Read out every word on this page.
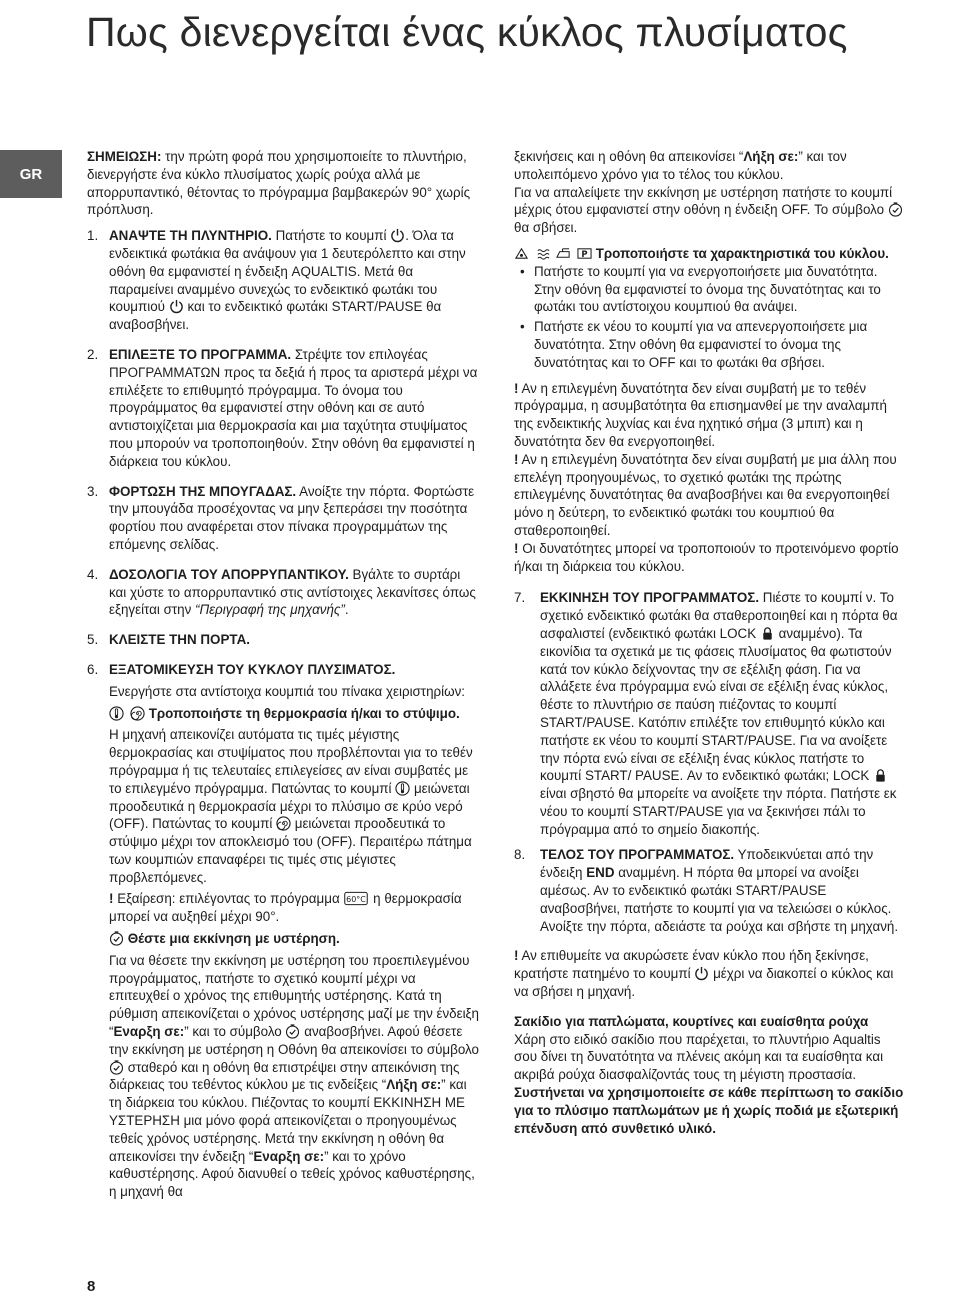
Πως διενεργείται ένας κύκλος πλυσίματος
GR

ΣΗΜΕΙΩΣΗ: την πρώτη φορά που χρησιμοποιείτε το πλυντήριο, διενεργήστε ένα κύκλο πλυσίματος χωρίς ρούχα αλλά με απορρυπαντικό, θέτοντας το πρόγραμμα βαμβακερών 90° χωρίς πρόπλυση.

1. ΑΝΑΨΤΕ ΤΗ ΠΛΥΝΤΗΡΙΟ. Πατήστε το κουμπί
. Όλα τα ενδεικτικά φωτάκια θα ανάψουν για 1 δευτερόλεπτο και στην οθόνη θα εμφανιστεί η ένδειξη AQUALTIS. Μετά θα παραμείνει αναμμένο συνεχώς το ενδεικτικό φωτάκι του κουμπιού
και το ενδεικτικό φωτάκι START/PAUSE θα αναβοσβήνει.

2. ΕΠΙΛΕΞΤΕ ΤΟ ΠΡΟΓΡΑΜΜΑ. Στρέψτε τον επιλογέας ΠΡΟΓΡΑΜΜΑΤΩΝ προς τα δεξιά ή προς τα αριστερά μέχρι να επιλέξετε το επιθυμητό πρόγραμμα. Το όνομα του προγράμματος θα εμφανιστεί στην οθόνη και σε αυτό αντιστοιχίζεται μια θερμοκρασία και μια ταχύτητα στυψίματος που μπορούν να τροποποιηθούν. Στην οθόνη θα εμφανιστεί η διάρκεια του κύκλου.

3. ΦΟΡΤΩΣΗ ΤΗΣ ΜΠΟΥΓΑΔΑΣ. Ανοίξτε την πόρτα. Φορτώστε την μπουγάδα προσέχοντας να μην ξεπεράσει την ποσότητα φορτίου που αναφέρεται στον πίνακα προγραμμάτων της επόμενης σελίδας.

4. ΔΟΣΟΛΟΓΙΑ ΤΟΥ ΑΠΟΡΡΥΠΑΝΤΙΚΟΥ. Βγάλτε το συρτάρι και χύστε το απορρυπαντικό στις αντίστοιχες λεκανίτσες όπως εξηγείται στην “Περιγραφή της μηχανής”.

5. ΚΛΕΙΣΤΕ ΤΗΝ ΠΟΡΤΑ.

6. ΕΞΑΤΟΜΙΚΕΥΣΗ ΤΟΥ ΚΥΚΛΟΥ ΠΛΥΣΙΜΑΤΟΣ.

Ενεργήστε στα αντίστοιχα κουμπιά του πίνακα χειριστηρίων:

Τροποποιήστε τη θερμοκρασία ή/και το στύψιμο.

Η μηχανή απεικονίζει αυτόματα τις τιμές μέγιστης θερμοκρασίας και στυψίματος που προβλέπονται για το τεθέν πρόγραμμα ή τις τελευταίες επιλεγείσες αν είναι συμβατές με το επιλεγμένο πρόγραμμα. Πατώντας το κουμπί
μειώνεται προοδευτικά η θερμοκρασία μέχρι το πλύσιμο σε κρύο νερό (OFF). Πατώντας το κουμπί
μειώνεται προοδευτικά το στύψιμο μέχρι τον αποκλεισμό του (OFF). Περαιτέρω πάτημα των κουμπιών επαναφέρει τις τιμές στις μέγιστες προβλεπόμενες.

! Εξαίρεση: επιλέγοντας το πρόγραμμα 60°C η θερμοκρασία μπορεί να αυξηθεί μέχρι 90°.

Θέστε μια εκκίνηση με υστέρηση.

Για να θέσετε την εκκίνηση με υστέρηση του προεπιλεγμένου προγράμματος, πατήστε το σχετικό κουμπί μέχρι να επιτευχθεί ο χρόνος της επιθυμητής υστέρησης. Κατά τη ρύθμιση απεικονίζεται ο χρόνος υστέρησης μαζί με την ένδειξη “Εναρξη σε:” και το σύμβολο
αναβοσβήνει. Αφού θέσετε την εκκίνηση με υστέρηση η Οθόνη θα απεικονίσει το σύμβολο
σταθερό και η οθόνη θα επιστρέψει στην απεικόνιση της διάρκειας του τεθέντος κύκλου με τις ενδείξεις “Λήξη σε:” και τη διάρκεια του κύκλου. Πιέζοντας το κουμπί ΕΚΚΙΝΗΣΗ ΜΕ ΥΣΤΕΡΗΣΗ μια μόνο φορά απεικονίζεται ο προηγουμένως τεθείς χρόνος υστέρησης. Μετά την εκκίνηση η οθόνη θα απεικονίσει την ένδειξη “Εναρξη σε:” και το χρόνο καθυστέρησης. Αφού διανυθεί ο τεθείς χρόνος καθυστέρησης, η μηχανή θα

ξεκινήσεις και η οθόνη θα απεικονίσει “Λήξη σε:” και τον υπολειπόμενο χρόνο για το τέλος του κύκλου.

Για να απαλείψετε την εκκίνηση με υστέρηση πατήστε το κουμπί μέχρις ότου εμφανιστεί στην οθόνη η ένδειξη OFF. Το σύμβολο
θα σβήσει.

P Τροποποιήστε τα χαρακτηριστικά του κύκλου.

• Πατήστε το κουμπί για να ενεργοποιήσετε μια δυνατότητα. Στην οθόνη θα εμφανιστεί το όνομα της δυνατότητας και το φωτάκι του αντίστοιχου κουμπιού θα ανάψει.
• Πατήστε εκ νέου το κουμπί για να απενεργοποιήσετε μια δυνατότητα. Στην οθόνη θα εμφανιστεί το όνομα της δυνατότητας και το OFF και το φωτάκι θα σβήσει.

! Αν η επιλεγμένη δυνατότητα δεν είναι συμβατή με το τεθέν πρόγραμμα, η ασυμβατότητα θα επισημανθεί με την αναλαμπή της ενδεικτικής λυχνίας και ένα ηχητικό σήμα (3 μπιπ) και η δυνατότητα δεν θα ενεργοποιηθεί.

! Αν η επιλεγμένη δυνατότητα δεν είναι συμβατή με μια άλλη που επελέγη προηγουμένως, το σχετικό φωτάκι της πρώτης επιλεγμένης δυνατότητας θα αναβοσβήνει και θα ενεργοποιηθεί μόνο η δεύτερη, το ενδεικτικό φωτάκι του κουμπιού θα σταθεροποιηθεί.

! Οι δυνατότητες μπορεί να τροποποιούν το προτεινόμενο φορτίο ή/και τη διάρκεια του κύκλου.

7.	ΕΚΚΙΝΗΣΗ ΤΟΥ ΠΡΟΓΡΑΜΜΑΤΟΣ. Πιέστε το κουμπί ν. Το σχετικό ενδεικτικό φωτάκι θα σταθεροποιηθεί και η πόρτα θα ασφαλιστεί (ενδεικτικό φωτάκι LOCK
αναμμένο). Τα εικονίδια τα σχετικά με τις φάσεις πλυσίματος θα φωτιστούν κατά τον κύκλο δείχνοντας την σε εξέλιξη φάση. Για να αλλάξετε ένα πρόγραμμα ενώ είναι σε εξέλιξη ένας κύκλος, θέστε το πλυντήριο σε παύση πιέζοντας το κουμπί START/PAUSE. Κατόπιν επιλέξτε τον επιθυμητό κύκλο και πατήστε εκ νέου το κουμπί START/PAUSE. Για να ανοίξετε την πόρτα ενώ είναι σε εξέλιξη ένας κύκλος πατήστε το κουμπί START/ PAUSE. Αν το ενδεικτικό φωτάκι; LOCK
είναι σβηστό θα μπορείτε να ανοίξετε την πόρτα. Πατήστε εκ νέου το κουμπί START/PAUSE για να ξεκινήσει πάλι το πρόγραμμα από το σημείο διακοπής.

8.	ΤΕΛΟΣ ΤΟΥ ΠΡΟΓΡΑΜΜΑΤΟΣ. Υποδεικνύεται από την ένδειξη END αναμμένη. Η πόρτα θα μπορεί να ανοίξει αμέσως. Αν το ενδεικτικό φωτάκι START/PAUSE αναβοσβήνει, πατήστε το κουμπί για να τελειώσει ο κύκλος. Ανοίξτε την πόρτα, αδειάστε τα ρούχα και σβήστε τη μηχανή.

! Αν επιθυμείτε να ακυρώσετε έναν κύκλο που ήδη ξεκίνησε, κρατήστε πατημένο το κουμπί
μέχρι να διακοπεί ο κύκλος και να σβήσει η μηχανή.

Σακίδιο για παπλώματα, κουρτίνες και ευαίσθητα ρούχα

Χάρη στο ειδικό σακίδιο που παρέχεται, το πλυντήριο Aqualtis σου δίνει τη δυνατότητα να πλένεις ακόμη και τα ευαίσθητα και ακριβά ρούχα διασφαλίζοντάς τους τη μέγιστη προστασία. Συστήνεται να χρησιμοποιείτε σε κάθε περίπτωση το σακίδιο για το πλύσιμο παπλωμάτων με ή χωρίς ποδιά με εξωτερική επένδυση από συνθετικό υλικό.

8
